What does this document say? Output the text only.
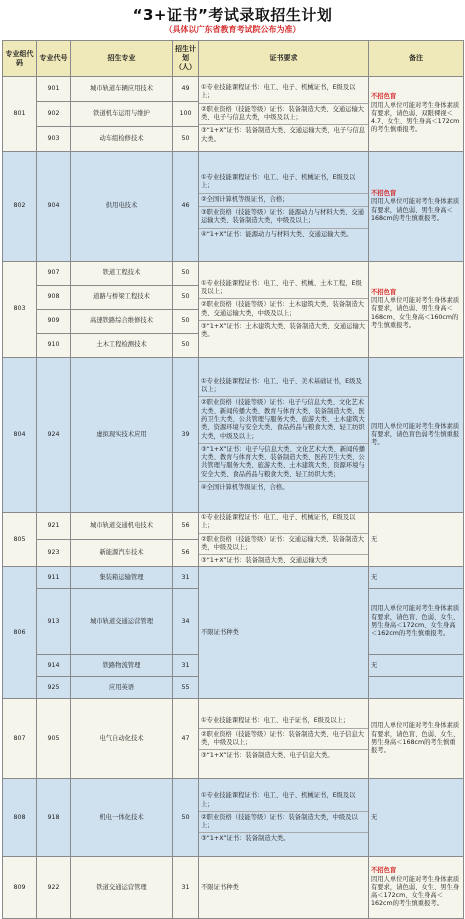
“3+证书”考试录取招生计划
（具体以广东省教育考试院公布为准）
专业组代码	专业代号	招生专业	招生计划（人）	证书要求	备注
801	901	城市轨道车辆应用技术	49	①专业技能课程证书：电工、电子、机械证书，E级及以上；
②职业资格（技能等级）证书：装备制造大类、交通运输大类、电子与信息大类，中级及以上；
③“1+X”证书：装备制造大类、交通运输大类、电子与信息大类。	不招色盲
因用人单位可能对考生身体素质有要求，请色弱、双眼裸视＜4.7、女生、男生身高＜172cm的考生慎重报考。

	902	铁道机车运用与维护	100		
	903	动车组检修技术	50		
802	904	供用电技术	46	①专业技能课程证书：电工、电子、机械证书，E级及以上；
②全国计算机等级证书，合格；
③职业资格（技能等级）证书：能源动力与材料大类、交通运输大类、装备制造大类，中级及以上；
④“1+X”证书：能源动力与材料大类、交通运输大类。	不招色盲
因用人单位可能对考生身体素质有要求，请色弱、男生身高＜168cm的考生慎重报考。

803	907	铁道工程技术	50	①专业技能课程证书：电工、电子、机械、土木工程，E级及以上；
②职业资格（技能等级）证书：土木建筑大类、装备制造大类、交通运输大类，中级及以上；
③“1+X”证书：土木建筑大类、装备制造大类、交通运输大类。	不招色盲
因用人单位可能对考生身体素质有要求，请色弱、男生身高＜168cm、女生身高＜160cm的考生慎重报考。

	908	道路与桥梁工程技术	50		
	909	高速铁路综合维修技术	50		
	910	土木工程检测技术	50		
804	924	虚拟现实技术应用	39	①专业技能课程证书：电工、电子、美术基础证书，E级及以上；
②职业资格（技能等级）证书：电子与信息大类、文化艺术大类、新闻传播大类、教育与体育大类、装备制造大类、医药卫生大类、公共管理与服务大类、旅游大类、土木建筑大类、资源环境与安全大类、食品药品与粮食大类、轻工纺织大类，中级及以上；
③“1+X”证书：电子与信息大类、文化艺术大类、新闻传播大类、教育与体育大类、装备制造大类、医药卫生大类、公共管理与服务大类、旅游大类、土木建筑大类、资源环境与安全大类、食品药品与粮食大类、轻工纺织大类；
④全国计算机等级证书，合格。	因用人单位可能对考生身体素质有要求，请色盲色弱考生慎重报考。

805	921	城市轨道交通机电技术	56	①专业技能课程证书：电工、电子、机械证书，E级及以上；
②职业资格（技能等级）证书：交通运输大类、装备制造大类，中级及以上；
③“1+X”证书：装备制造大类、交通运输大类	无

	923	新能源汽车技术	56		
806	911	集装箱运输管理	31	不限证书种类	无
	913	城市轨道交通运营管理	34		因用人单位可能对考生身体素质有要求，请色盲、色弱、女生、男生身高＜172cm、女生身高＜162cm的考生慎重报考。
	914	铁路物流管理	31		无
	925	应用英语	55		
807	905	电气自动化技术	47	①专业技能课程证书：电工、电子证书，E级及以上；
②职业资格（技能等级）证书：装备制造大类、电子信息大类，中级及以上；
③“1+X”证书：装备制造大类、电子信息大类。	因用人单位可能对考生身体素质有要求，请色盲、色弱、女生、男生身高＜168cm的考生慎重报考。

808	918	机电一体化技术	50	①专业技能课程证书：电工、电子、机械证书，E级及以上；
②职业资格（技能等级）证书：装备制造大类，中级及以上；
③“1+X”证书：装备制造大类。	无

809	922	铁道交通运营管理	31	不限证书种类	不招色盲
因用人单位可能对考生身体素质有要求，请色弱、女生、男生身高＜172cm、女生身高＜162cm的考生慎重报考。
